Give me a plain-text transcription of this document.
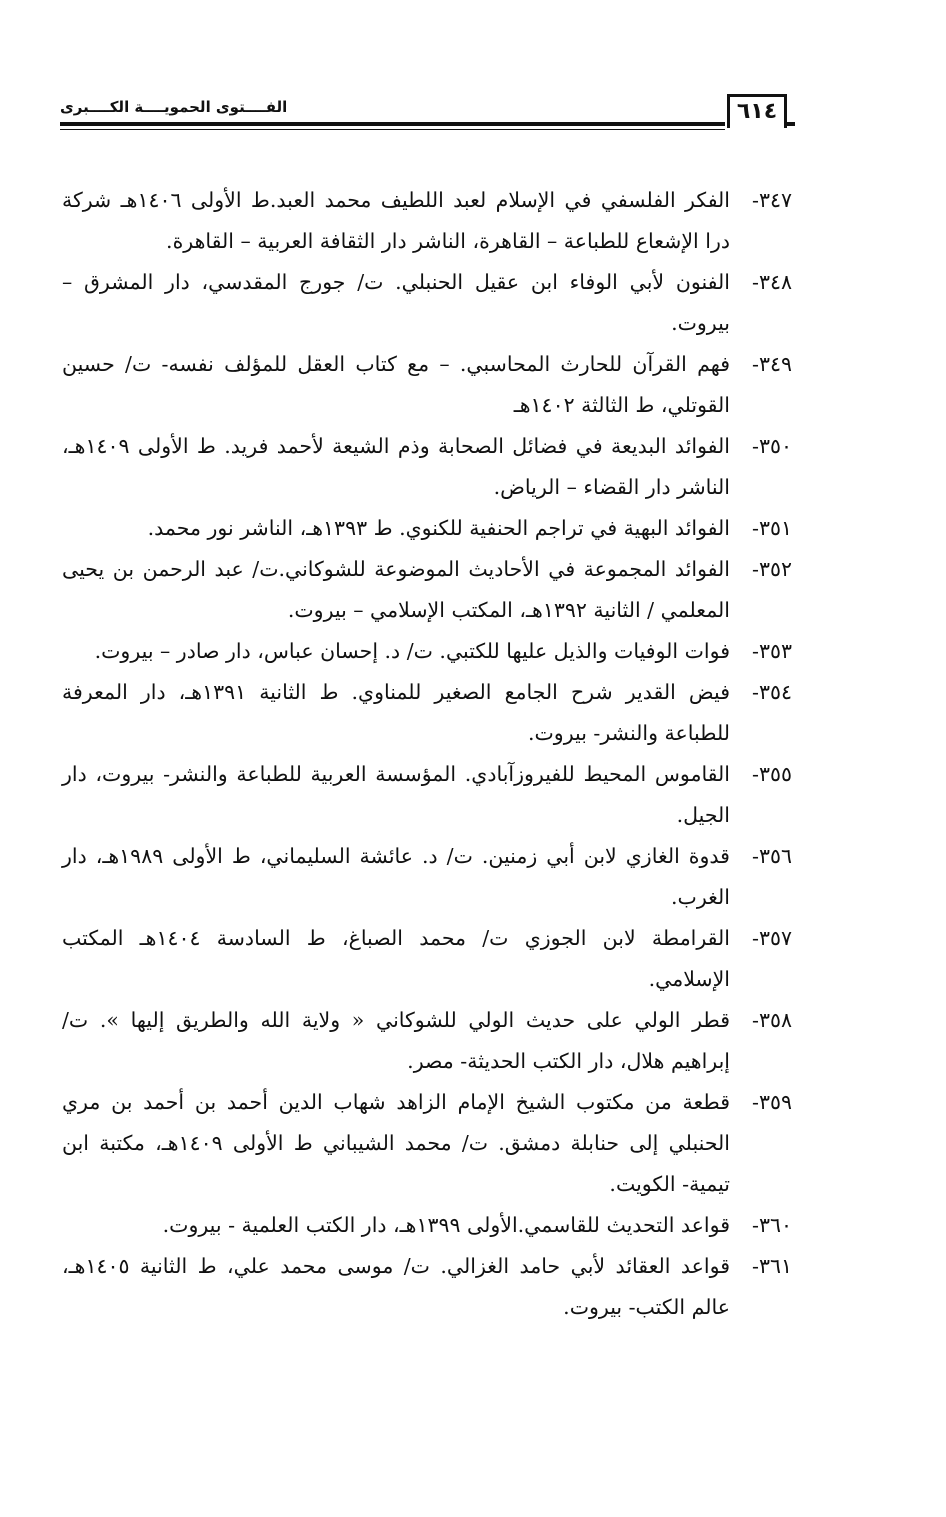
الفــــتوى الحمويــــة الكــــبرى	٦١٤
٣٤٧-الفكر الفلسفي في الإسلام لعبد اللطيف محمد العبد.ط الأولى ١٤٠٦هـ شركة درا الإشعاع للطباعة – القاهرة، الناشر دار الثقافة العربية – القاهرة.
٣٤٨-الفنون لأبي الوفاء ابن عقيل الحنبلي. ت/ جورج المقدسي، دار المشرق – بيروت.
٣٤٩-فهم القرآن للحارث المحاسبي. – مع كتاب العقل للمؤلف نفسه- ت/ حسين القوتلي، ط الثالثة ١٤٠٢هـ
٣٥٠-الفوائد البديعة في فضائل الصحابة وذم الشيعة لأحمد فريد. ط الأولى ١٤٠٩هـ، الناشر دار القضاء – الرياض.
٣٥١-الفوائد البهية في تراجم الحنفية للكنوي. ط ١٣٩٣هـ، الناشر نور محمد.
٣٥٢-الفوائد المجموعة في الأحاديث الموضوعة للشوكاني.ت/ عبد الرحمن بن يحيى المعلمي / الثانية ١٣٩٢هـ، المكتب الإسلامي – بيروت.
٣٥٣-فوات الوفيات والذيل عليها للكتبي. ت/ د. إحسان عباس، دار صادر – بيروت.
٣٥٤-فيض القدير شرح الجامع الصغير للمناوي. ط الثانية ١٣٩١هـ، دار المعرفة للطباعة والنشر- بيروت.
٣٥٥-القاموس المحيط للفيروزآبادي. المؤسسة العربية للطباعة والنشر- بيروت، دار الجيل.
٣٥٦-قدوة الغازي لابن أبي زمنين. ت/ د. عائشة السليماني، ط الأولى ١٩٨٩هـ، دار الغرب.
٣٥٧-القرامطة لابن الجوزي ت/ محمد الصباغ، ط السادسة ١٤٠٤هـ المكتب الإسلامي.
٣٥٨-قطر الولي على حديث الولي للشوكاني « ولاية الله والطريق إليها ». ت/ إبراهيم هلال، دار الكتب الحديثة- مصر.
٣٥٩-قطعة من مكتوب الشيخ الإمام الزاهد شهاب الدين أحمد بن أحمد بن مري الحنبلي إلى حنابلة دمشق. ت/ محمد الشيباني ط الأولى ١٤٠٩هـ، مكتبة ابن تيمية- الكويت.
٣٦٠-قواعد التحديث للقاسمي.الأولى ١٣٩٩هـ، دار الكتب العلمية - بيروت.
٣٦١-قواعد العقائد لأبي حامد الغزالي. ت/ موسى محمد علي، ط الثانية ١٤٠٥هـ، عالم الكتب- بيروت.
